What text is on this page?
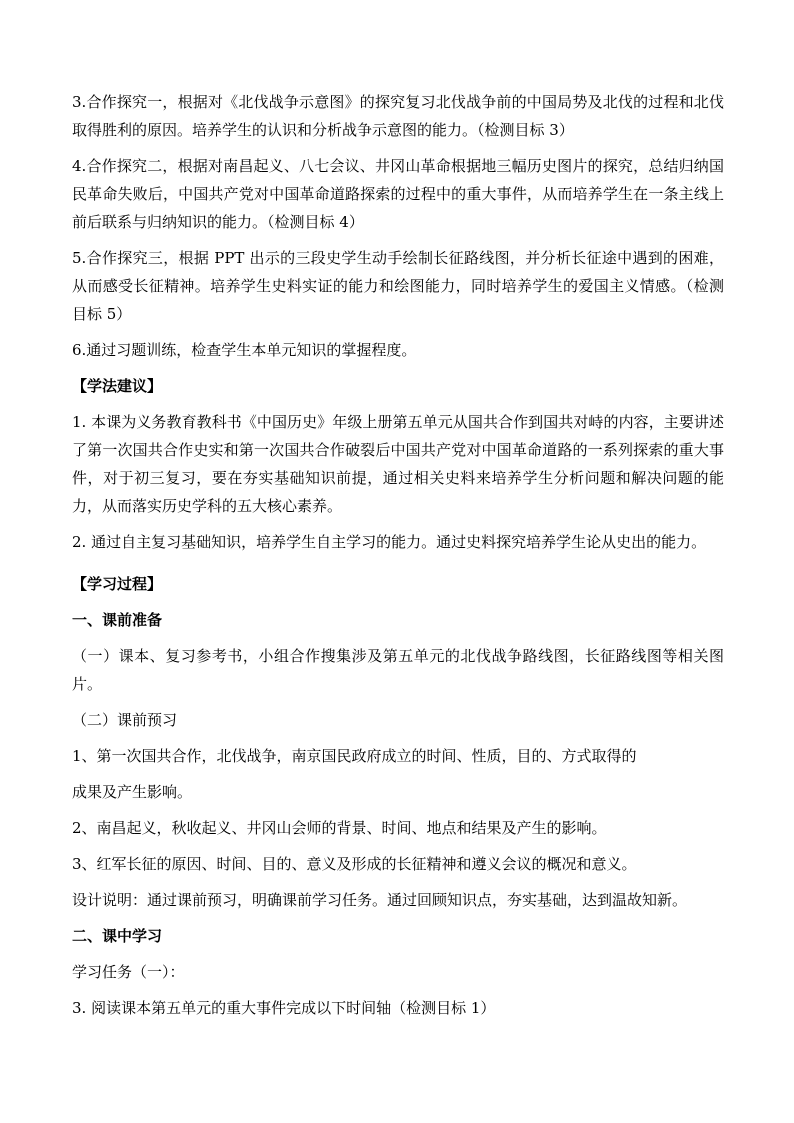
3.合作探究一，根据对《北伐战争示意图》的探究复习北伐战争前的中国局势及北伐的过程和北伐取得胜利的原因。培养学生的认识和分析战争示意图的能力。（检测目标 3）

4.合作探究二，根据对南昌起义、八七会议、井冈山革命根据地三幅历史图片的探究，总结归纳国民革命失败后，中国共产党对中国革命道路探索的过程中的重大事件，从而培养学生在一条主线上前后联系与归纳知识的能力。（检测目标 4）

5.合作探究三，根据 PPT 出示的三段史学生动手绘制长征路线图，并分析长征途中遇到的困难，从而感受长征精神。培养学生史料实证的能力和绘图能力，同时培养学生的爱国主义情感。（检测目标 5）

6.通过习题训练，检查学生本单元知识的掌握程度。

【学法建议】

1. 本课为义务教育教科书《中国历史》年级上册第五单元从国共合作到国共对峙的内容，主要讲述了第一次国共合作史实和第一次国共合作破裂后中国共产党对中国革命道路的一系列探索的重大事件，对于初三复习，要在夯实基础知识前提，通过相关史料来培养学生分析问题和解决问题的能力，从而落实历史学科的五大核心素养。

2. 通过自主复习基础知识，培养学生自主学习的能力。通过史料探究培养学生论从史出的能力。

【学习过程】

一、课前准备

（一）课本、复习参考书，小组合作搜集涉及第五单元的北伐战争路线图，长征路线图等相关图片。

（二）课前预习

1、第一次国共合作，北伐战争，南京国民政府成立的时间、性质，目的、方式取得的

成果及产生影响。

2、南昌起义，秋收起义、井冈山会师的背景、时间、地点和结果及产生的影响。

3、红军长征的原因、时间、目的、意义及形成的长征精神和遵义会议的概况和意义。

设计说明：通过课前预习，明确课前学习任务。通过回顾知识点，夯实基础，达到温故知新。

二、课中学习

学习任务（一）：

3. 阅读课本第五单元的重大事件完成以下时间轴（检测目标 1）
